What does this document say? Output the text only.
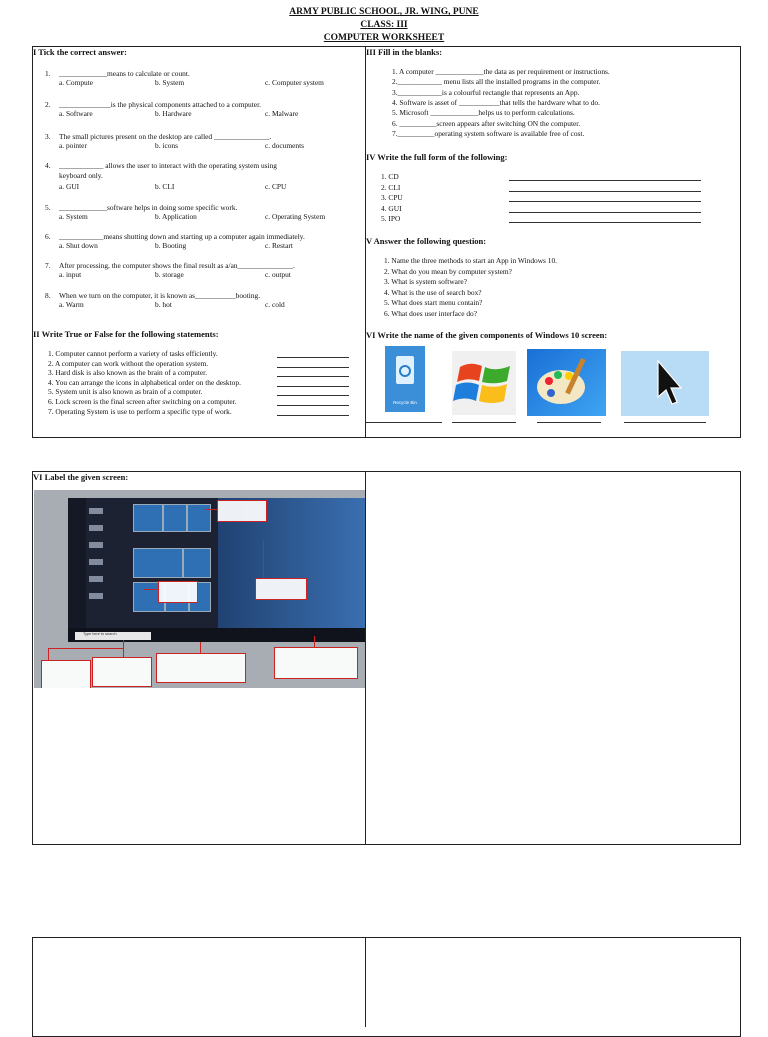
ARMY PUBLIC SCHOOL, JR. WING, PUNE
CLASS: III
COMPUTER WORKSHEET
I Tick the correct answer:
1. _____________means to calculate or count.
a. Compute	b. System	c. Computer system
2. ______________is the physical components attached to a computer.
a. Software	b. Hardware	c. Malware
3. The small pictures present on the desktop are called _______________.
a. pointer	b. icons	c. documents
4. ____________ allows the user to interact with the operating system using
keyboard only.
a. GUI	b. CLI	c. CPU
5. _____________software helps in doing some specific work.
a. System	b. Application	c. Operating System
6. ____________means shutting down and starting up a computer again immediately.
a. Shut down	b. Booting	c. Restart
7. After processing, the computer shows the final result as a/an_______________.
a. input	b. storage	c. output
8. When we turn on the computer, it is known as___________booting.
a. Warm	b. hot	c. cold
II Write True or False for the following statements:
1. Computer cannot perform a variety of tasks efficiently.
2. A computer can work without the operation system.
3. Hard disk is also known as the brain of a computer.
4. You can arrange the icons in alphabetical order on the desktop.
5. System unit is also known as brain of a computer.
6. Lock screen is the final screen after switching on a computer.
7. Operating System is use to perform a specific type of work.
III Fill in the blanks:
1. A computer _____________the data as per requirement or instructions.
2.____________ menu lists all the installed programs in the computer.
3.____________is a colourful rectangle that represents an App.
4. Software is asset of ___________that tells the hardware what to do.
5. Microsoft _____________helps us to perform calculations.
6. __________screen appears after switching ON the computer.
7.__________operating system software is available free of cost.
IV Write the full form of the following:
1. CD
2. CLI
3. CPU
4. GUI
5. IPO
V Answer the following question:
1. Name the three methods to start an App in Windows 10.
2. What do you mean by computer system?
3. What is system software?
4. What is the use of search box?
5. What does start menu contain?
6. What does user interface do?
VI Write the name of the given components of Windows 10 screen:
Recycle Bin
VI Label the given screen:
Type here to search
